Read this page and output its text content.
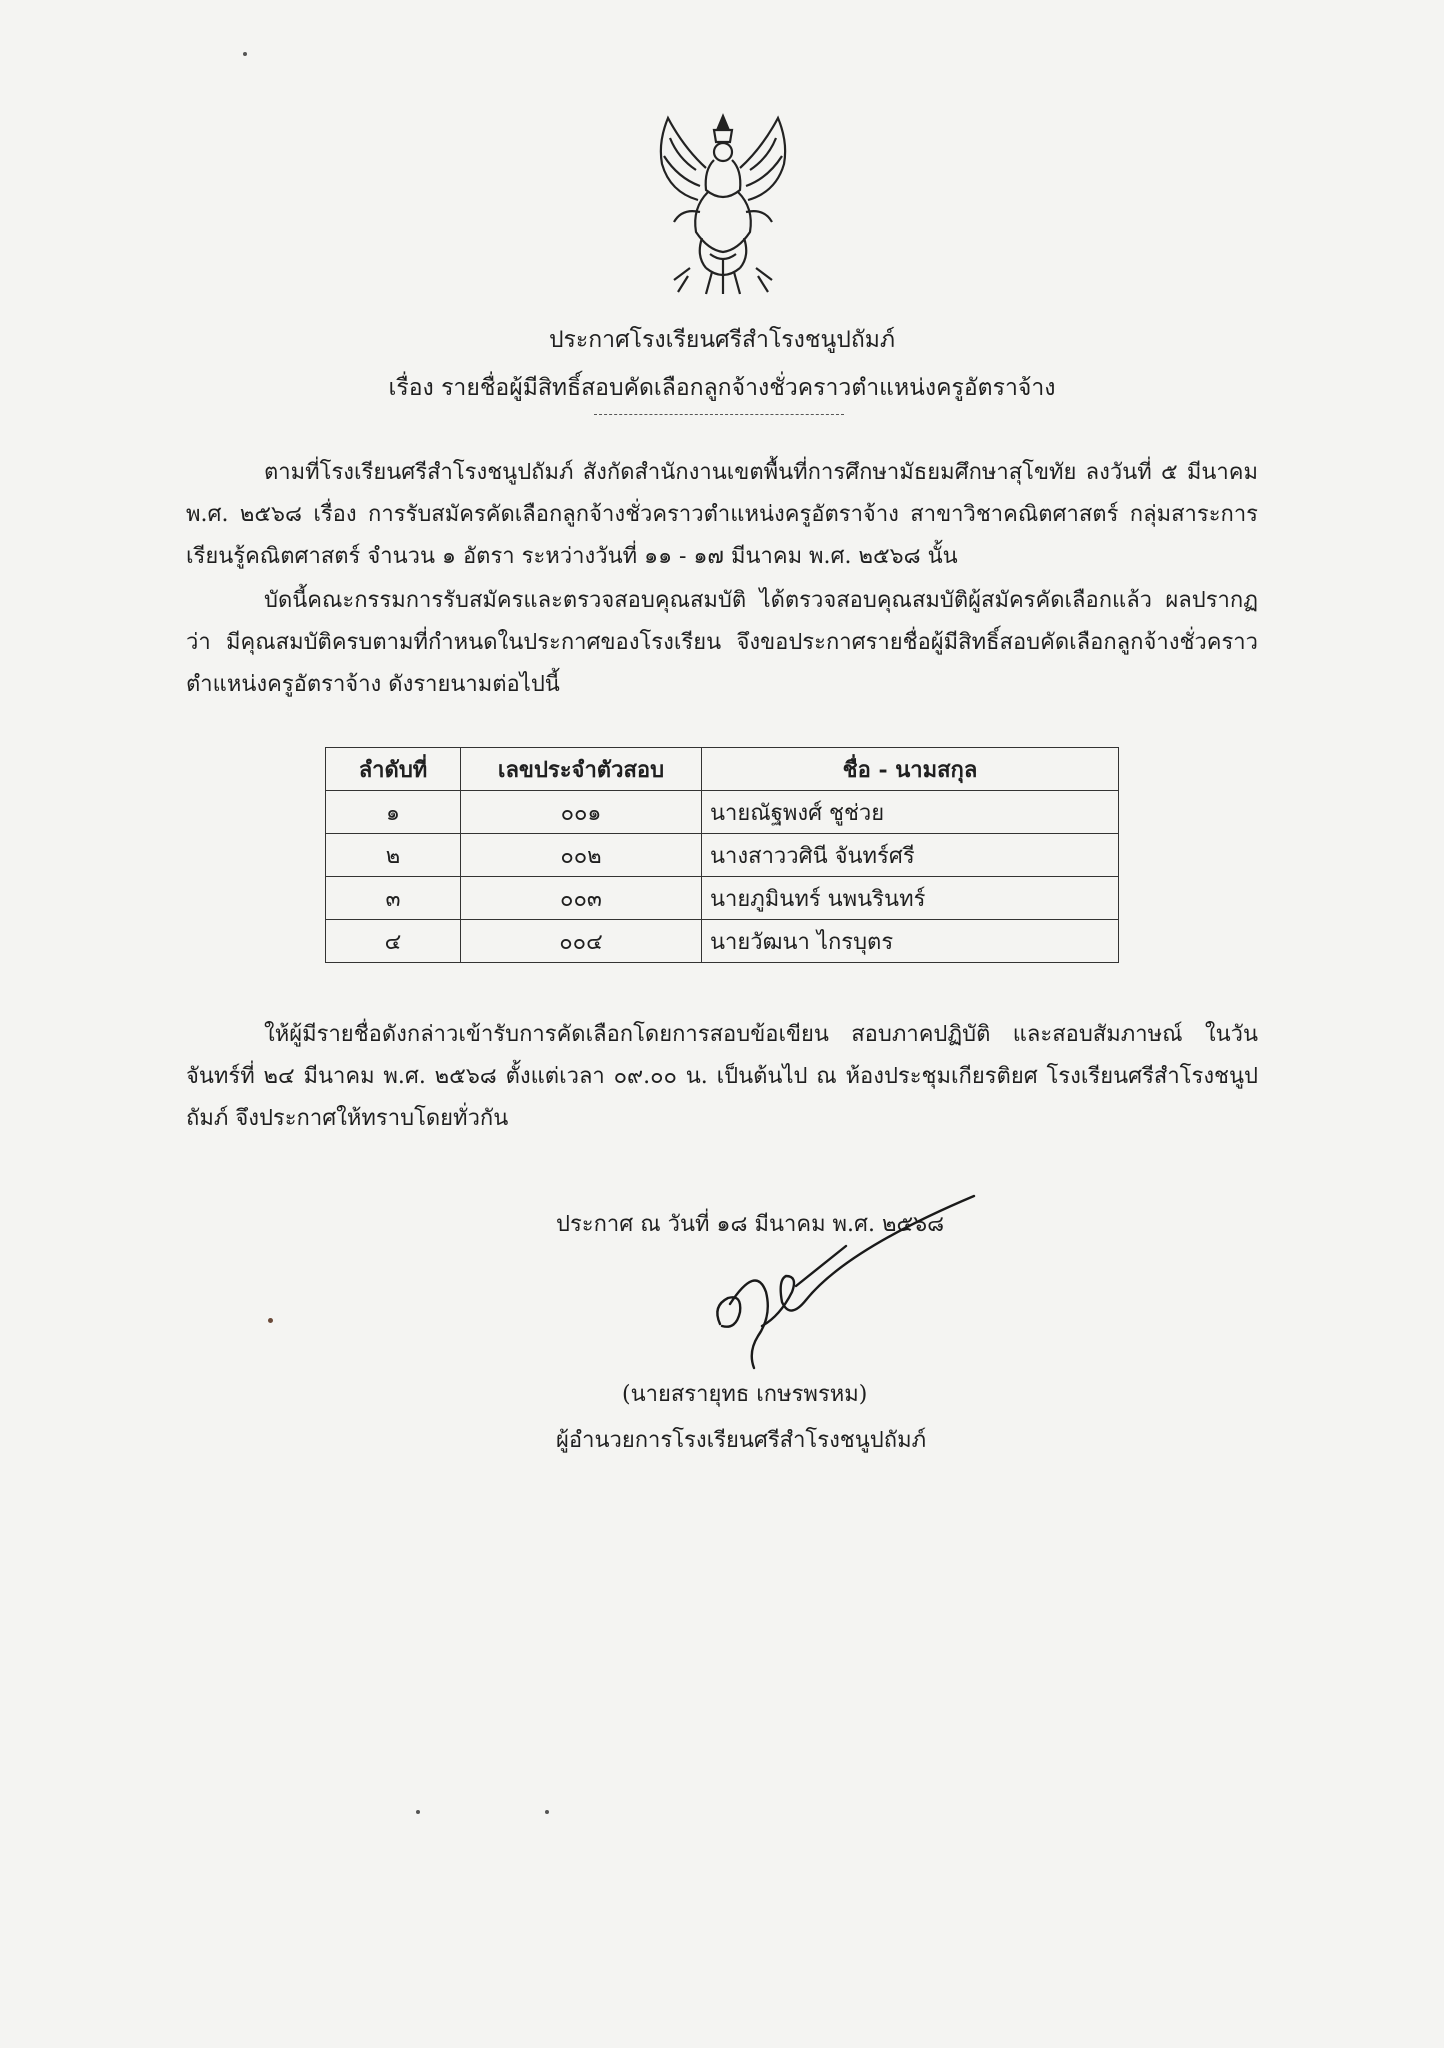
ประกาศโรงเรียนศรีสำโรงชนูปถัมภ์
เรื่อง รายชื่อผู้มีสิทธิ์สอบคัดเลือกลูกจ้างชั่วคราวตำแหน่งครูอัตราจ้าง
ตามที่โรงเรียนศรีสำโรงชนูปถัมภ์ สังกัดสำนักงานเขตพื้นที่การศึกษามัธยมศึกษาสุโขทัย ลงวันที่ ๕ มีนาคม พ.ศ. ๒๕๖๘ เรื่อง การรับสมัครคัดเลือกลูกจ้างชั่วคราวตำแหน่งครูอัตราจ้าง สาขาวิชาคณิตศาสตร์ กลุ่มสาระการเรียนรู้คณิตศาสตร์ จำนวน ๑ อัตรา ระหว่างวันที่ ๑๑ - ๑๗ มีนาคม พ.ศ. ๒๕๖๘ นั้น
บัดนี้คณะกรรมการรับสมัครและตรวจสอบคุณสมบัติ ได้ตรวจสอบคุณสมบัติผู้สมัครคัดเลือกแล้ว ผลปรากฏว่า มีคุณสมบัติครบตามที่กำหนดในประกาศของโรงเรียน จึงขอประกาศรายชื่อผู้มีสิทธิ์สอบคัดเลือกลูกจ้างชั่วคราวตำแหน่งครูอัตราจ้าง ดังรายนามต่อไปนี้
ลำดับที่	เลขประจำตัวสอบ	ชื่อ - นามสกุล
๑	๐๐๑	นายณัฐพงศ์ ชูช่วย
๒	๐๐๒	นางสาววศินี จันทร์ศรี
๓	๐๐๓	นายภูมินทร์ นพนรินทร์
๔	๐๐๔	นายวัฒนา ไกรบุตร
ให้ผู้มีรายชื่อดังกล่าวเข้ารับการคัดเลือกโดยการสอบข้อเขียน สอบภาคปฏิบัติ และสอบสัมภาษณ์ ในวันจันทร์ที่ ๒๔ มีนาคม พ.ศ. ๒๕๖๘ ตั้งแต่เวลา ๐๙.๐๐ น. เป็นต้นไป ณ ห้องประชุมเกียรติยศ โรงเรียนศรีสำโรงชนูปถัมภ์ จึงประกาศให้ทราบโดยทั่วกัน
ประกาศ ณ วันที่ ๑๘ มีนาคม พ.ศ. ๒๕๖๘
(นายสรายุทธ เกษรพรหม)
ผู้อำนวยการโรงเรียนศรีสำโรงชนูปถัมภ์
